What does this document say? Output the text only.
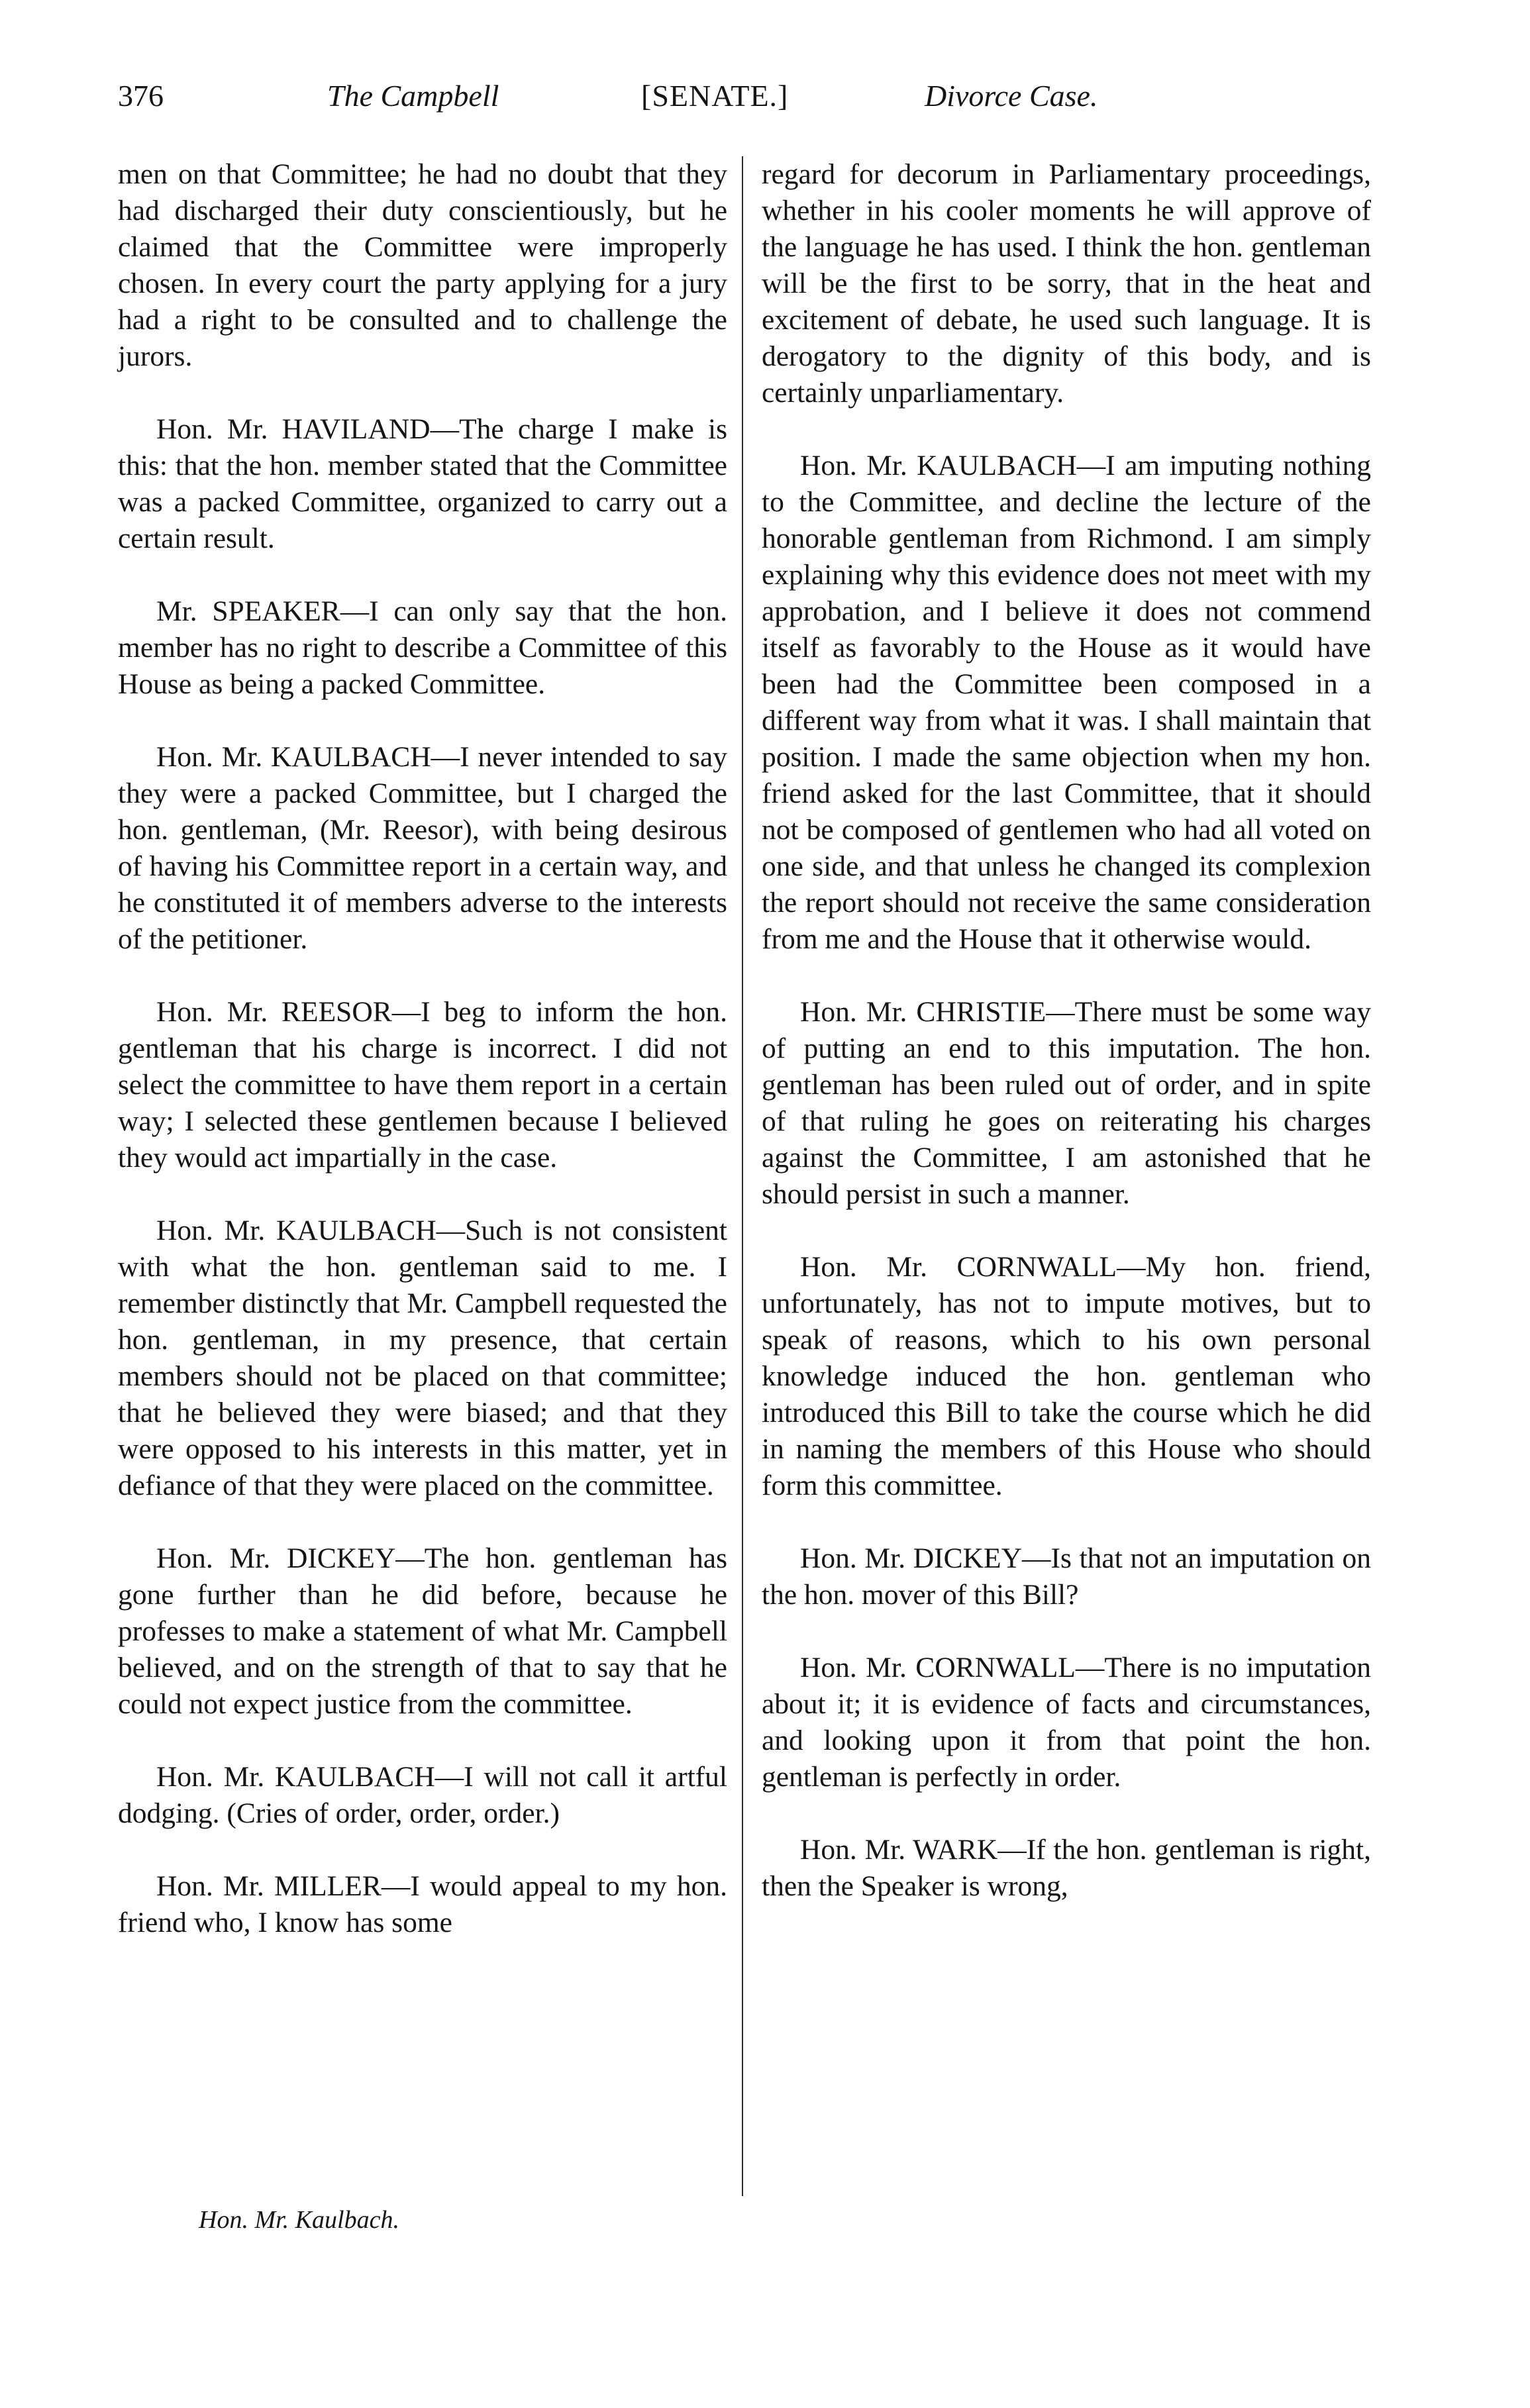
376	The Campbell	[SENATE.]	Divorce Case.

men on that Committee; he had no doubt that they had discharged their duty conscientiously, but he claimed that the Committee were improperly chosen. In every court the party applying for a jury had a right to be consulted and to challenge the jurors.

Hon. Mr. HAVILAND—The charge I make is this: that the hon. member stated that the Committee was a packed Committee, organized to carry out a certain result.

Mr. SPEAKER—I can only say that the hon. member has no right to describe a Committee of this House as being a packed Committee.

Hon. Mr. KAULBACH—I never intended to say they were a packed Committee, but I charged the hon. gentleman, (Mr. Reesor), with being desirous of having his Committee report in a certain way, and he constituted it of members adverse to the interests of the petitioner.

Hon. Mr. REESOR—I beg to inform the hon. gentleman that his charge is incorrect. I did not select the committee to have them report in a certain way; I selected these gentlemen because I believed they would act impartially in the case.

Hon. Mr. KAULBACH—Such is not consistent with what the hon. gentleman said to me. I remember distinctly that Mr. Campbell requested the hon. gentleman, in my presence, that certain members should not be placed on that committee; that he believed they were biased; and that they were opposed to his interests in this matter, yet in defiance of that they were placed on the committee.

Hon. Mr. DICKEY—The hon. gentleman has gone further than he did before, because he professes to make a statement of what Mr. Campbell believed, and on the strength of that to say that he could not expect justice from the committee.

Hon. Mr. KAULBACH—I will not call it artful dodging. (Cries of order, order, order.)

Hon. Mr. MILLER—I would appeal to my hon. friend who, I know has some

regard for decorum in Parliamentary proceedings, whether in his cooler moments he will approve of the language he has used. I think the hon. gentleman will be the first to be sorry, that in the heat and excitement of debate, he used such language. It is derogatory to the dignity of this body, and is certainly unparliamentary.

Hon. Mr. KAULBACH—I am imputing nothing to the Committee, and decline the lecture of the honorable gentleman from Richmond. I am simply explaining why this evidence does not meet with my approbation, and I believe it does not commend itself as favorably to the House as it would have been had the Committee been composed in a different way from what it was. I shall maintain that position. I made the same objection when my hon. friend asked for the last Committee, that it should not be composed of gentlemen who had all voted on one side, and that unless he changed its complexion the report should not receive the same consideration from me and the House that it otherwise would.

Hon. Mr. CHRISTIE—There must be some way of putting an end to this imputation. The hon. gentleman has been ruled out of order, and in spite of that ruling he goes on reiterating his charges against the Committee, I am astonished that he should persist in such a manner.

Hon. Mr. CORNWALL—My hon. friend, unfortunately, has not to impute motives, but to speak of reasons, which to his own personal knowledge induced the hon. gentleman who introduced this Bill to take the course which he did in naming the members of this House who should form this committee.

Hon. Mr. DICKEY—Is that not an imputation on the hon. mover of this Bill?

Hon. Mr. CORNWALL—There is no imputation about it; it is evidence of facts and circumstances, and looking upon it from that point the hon. gentleman is perfectly in order.

Hon. Mr. WARK—If the hon. gentleman is right, then the Speaker is wrong,

Hon. Mr. Kaulbach.
